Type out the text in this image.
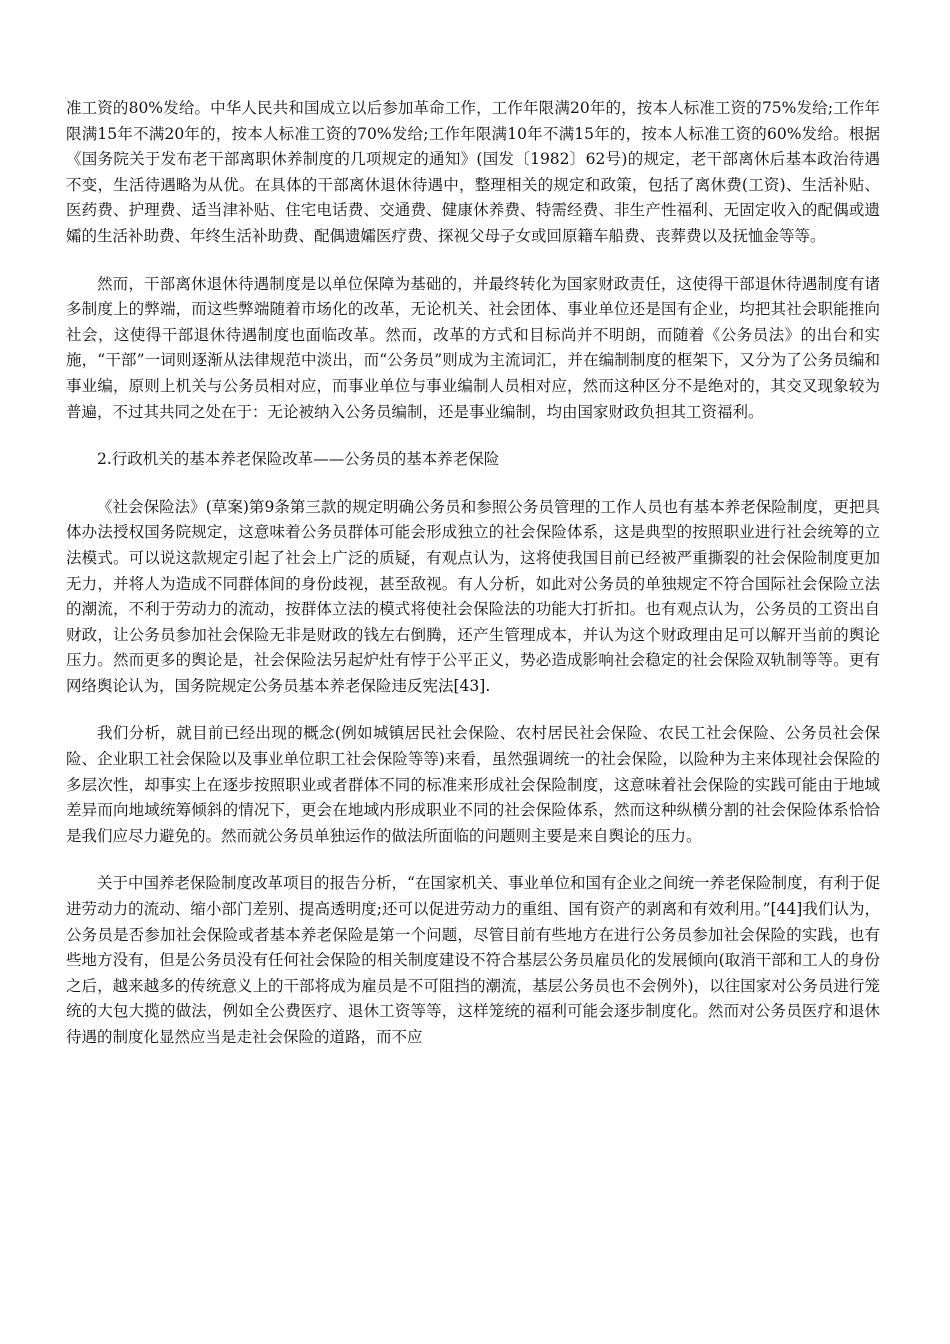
准工资的80%发给。中华人民共和国成立以后参加革命工作，工作年限满20年的，按本人标准工资的75%发给;工作年限满15年不满20年的，按本人标准工资的70%发给;工作年限满10年不满15年的，按本人标准工资的60%发给。根据《国务院关于发布老干部离职休养制度的几项规定的通知》(国发〔1982〕62号)的规定，老干部离休后基本政治待遇不变，生活待遇略为从优。在具体的干部离休退休待遇中，整理相关的规定和政策，包括了离休费(工资)、生活补贴、医药费、护理费、适当津补贴、住宅电话费、交通费、健康休养费、特需经费、非生产性福利、无固定收入的配偶或遗孀的生活补助费、年终生活补助费、配偶遗孀医疗费、探视父母子女或回原籍车船费、丧葬费以及抚恤金等等。

然而，干部离休退休待遇制度是以单位保障为基础的，并最终转化为国家财政责任，这使得干部退休待遇制度有诸多制度上的弊端，而这些弊端随着市场化的改革，无论机关、社会团体、事业单位还是国有企业，均把其社会职能推向社会，这使得干部退休待遇制度也面临改革。然而，改革的方式和目标尚并不明朗，而随着《公务员法》的出台和实施，“干部”一词则逐渐从法律规范中淡出，而“公务员”则成为主流词汇，并在编制制度的框架下，又分为了公务员编和事业编，原则上机关与公务员相对应，而事业单位与事业编制人员相对应，然而这种区分不是绝对的，其交叉现象较为普遍，不过其共同之处在于：无论被纳入公务员编制，还是事业编制，均由国家财政负担其工资福利。

2.行政机关的基本养老保险改革——公务员的基本养老保险

《社会保险法》(草案)第9条第三款的规定明确公务员和参照公务员管理的工作人员也有基本养老保险制度，更把具体办法授权国务院规定，这意味着公务员群体可能会形成独立的社会保险体系，这是典型的按照职业进行社会统筹的立法模式。可以说这款规定引起了社会上广泛的质疑，有观点认为，这将使我国目前已经被严重撕裂的社会保险制度更加无力，并将人为造成不同群体间的身份歧视，甚至敌视。有人分析，如此对公务员的单独规定不符合国际社会保险立法的潮流，不利于劳动力的流动，按群体立法的模式将使社会保险法的功能大打折扣。也有观点认为，公务员的工资出自财政，让公务员参加社会保险无非是财政的钱左右倒腾，还产生管理成本，并认为这个财政理由足可以解开当前的舆论压力。然而更多的舆论是，社会保险法另起炉灶有悖于公平正义，势必造成影响社会稳定的社会保险双轨制等等。更有网络舆论认为，国务院规定公务员基本养老保险违反宪法[43].

我们分析，就目前已经出现的概念(例如城镇居民社会保险、农村居民社会保险、农民工社会保险、公务员社会保险、企业职工社会保险以及事业单位职工社会保险等等)来看，虽然强调统一的社会保险，以险种为主来体现社会保险的多层次性，却事实上在逐步按照职业或者群体不同的标准来形成社会保险制度，这意味着社会保险的实践可能由于地域差异而向地域统筹倾斜的情况下，更会在地域内形成职业不同的社会保险体系，然而这种纵横分割的社会保险体系恰恰是我们应尽力避免的。然而就公务员单独运作的做法所面临的问题则主要是来自舆论的压力。

关于中国养老保险制度改革项目的报告分析，“在国家机关、事业单位和国有企业之间统一养老保险制度，有利于促进劳动力的流动、缩小部门差别、提高透明度;还可以促进劳动力的重组、国有资产的剥离和有效利用。”[44]我们认为，公务员是否参加社会保险或者基本养老保险是第一个问题，尽管目前有些地方在进行公务员参加社会保险的实践，也有些地方没有，但是公务员没有任何社会保险的相关制度建设不符合基层公务员雇员化的发展倾向(取消干部和工人的身份之后，越来越多的传统意义上的干部将成为雇员是不可阻挡的潮流，基层公务员也不会例外)，以往国家对公务员进行笼统的大包大揽的做法，例如全公费医疗、退休工资等等，这样笼统的福利可能会逐步制度化。然而对公务员医疗和退休待遇的制度化显然应当是走社会保险的道路，而不应
